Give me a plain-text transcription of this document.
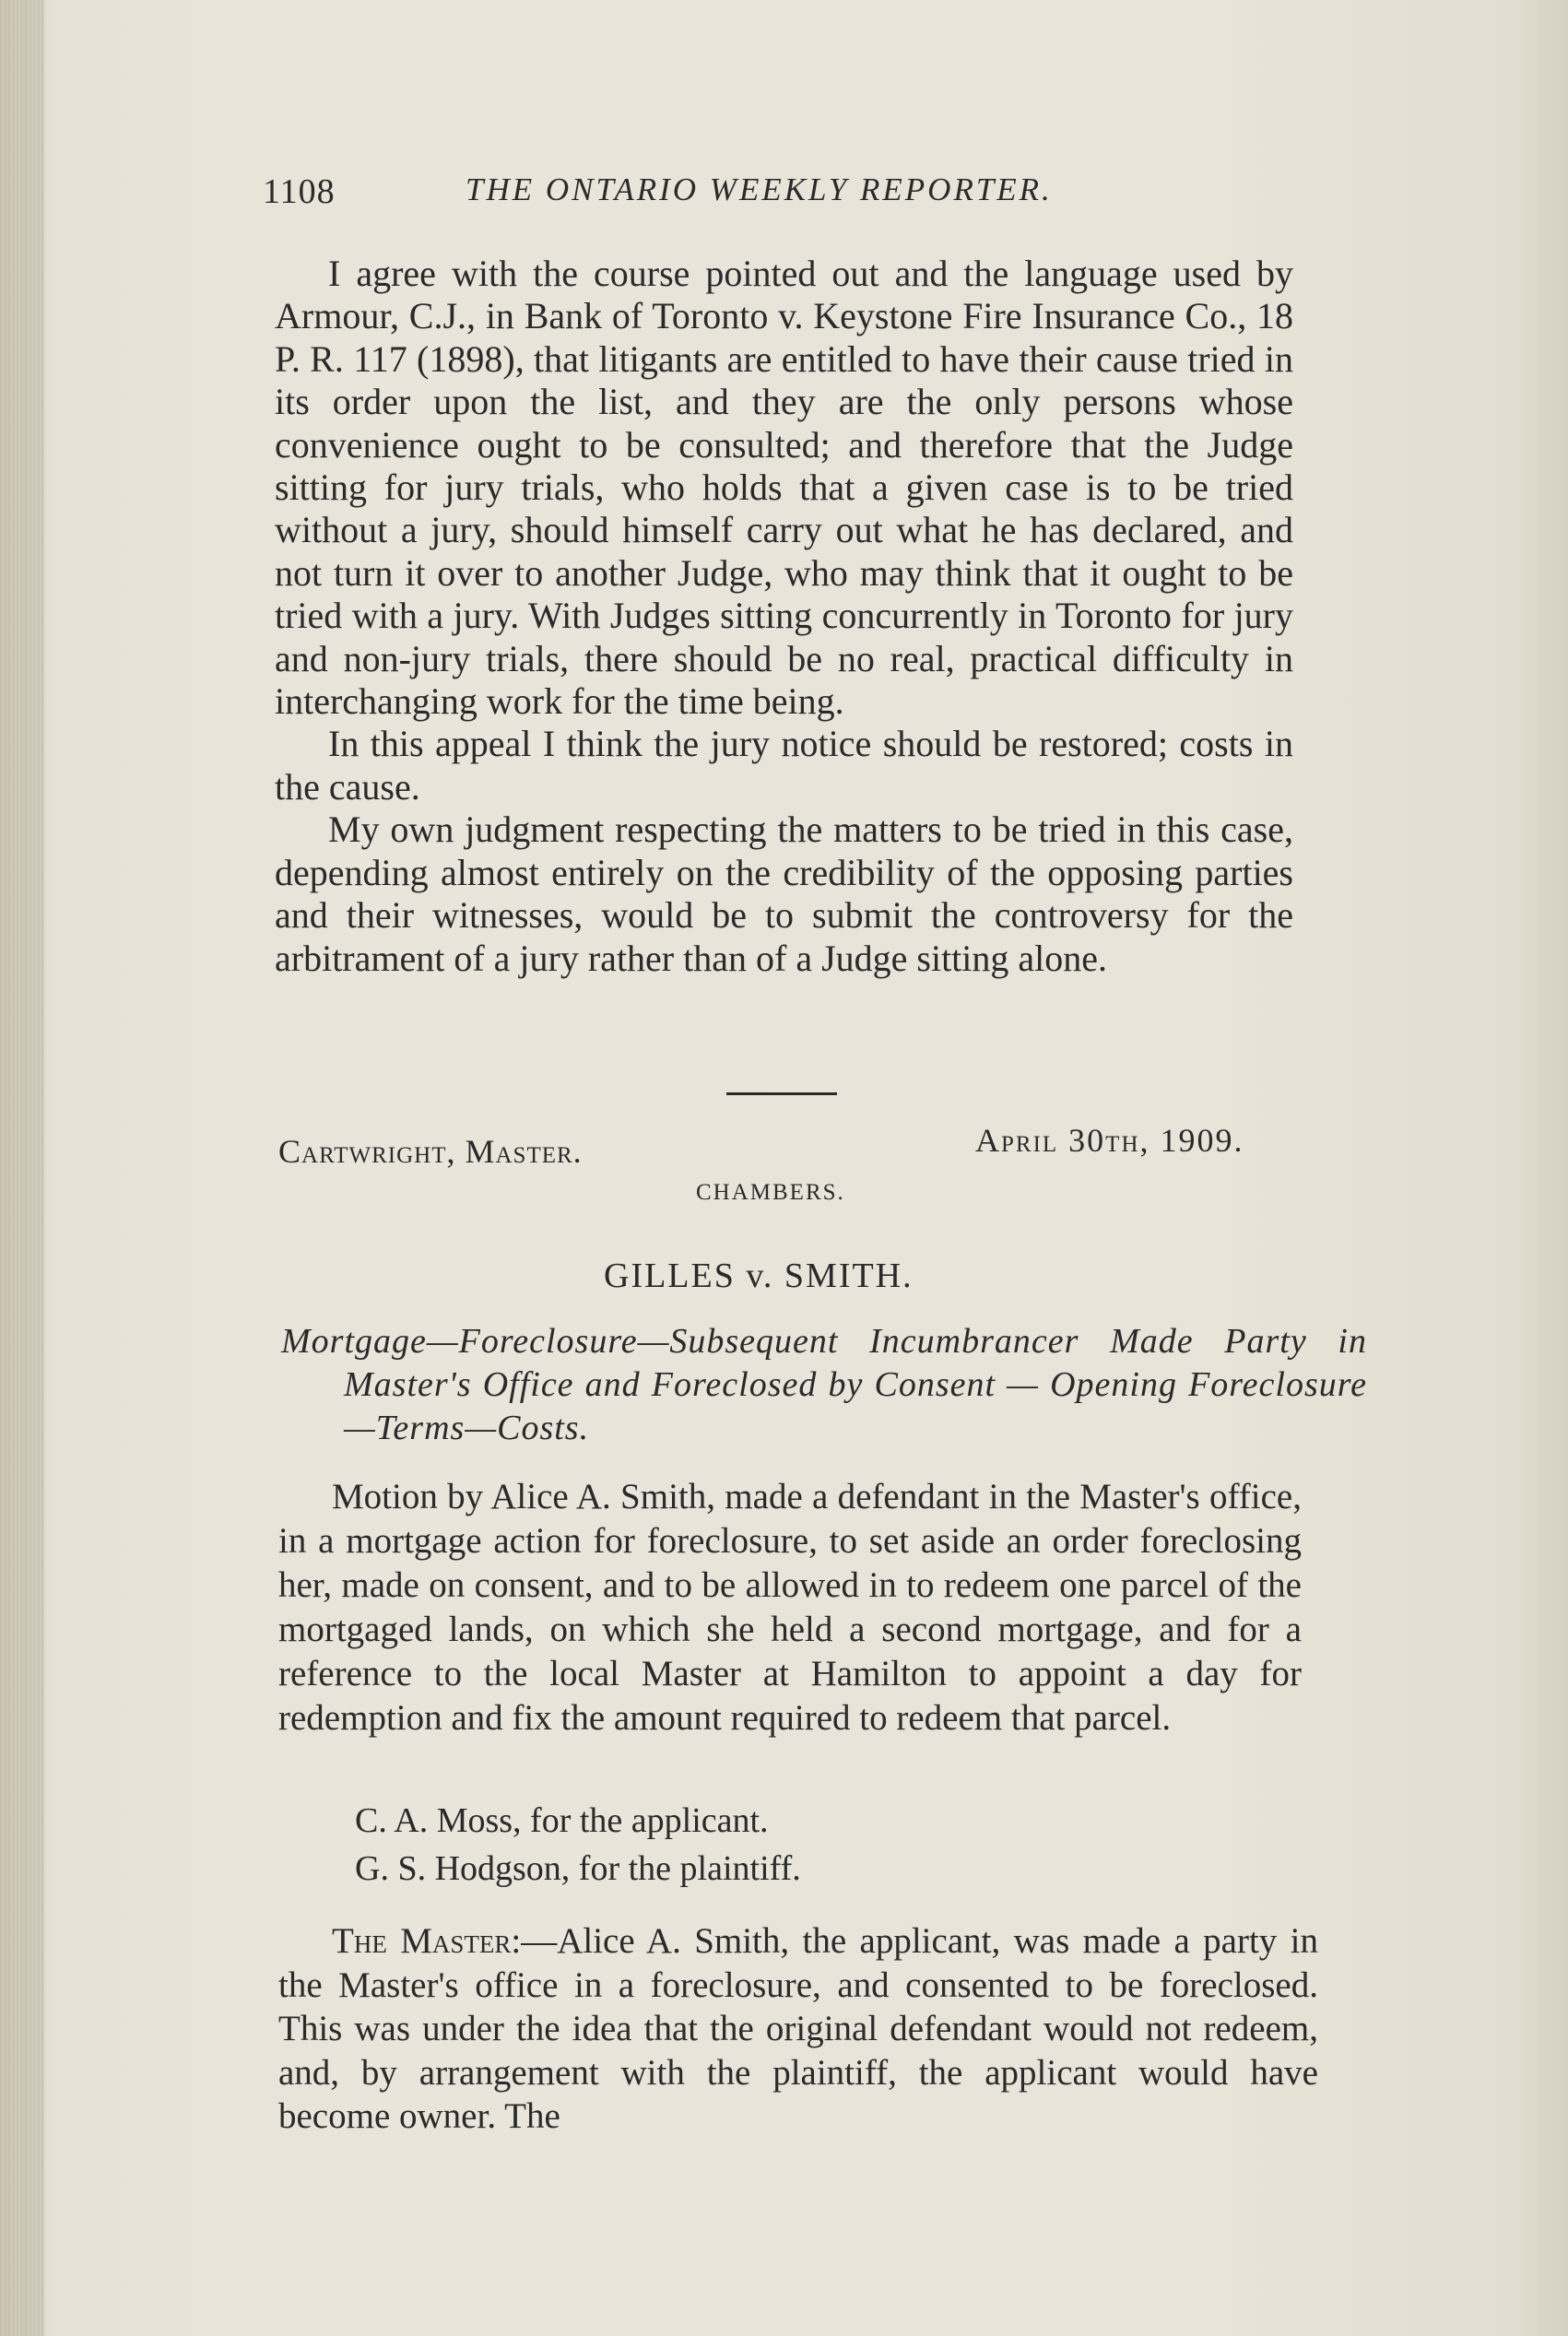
1108	THE ONTARIO WEEKLY REPORTER.

I agree with the course pointed out and the language used by Armour, C.J., in Bank of Toronto v. Keystone Fire Insurance Co., 18 P. R. 117 (1898), that litigants are entitled to have their cause tried in its order upon the list, and they are the only persons whose convenience ought to be consulted; and therefore that the Judge sitting for jury trials, who holds that a given case is to be tried without a jury, should himself carry out what he has declared, and not turn it over to another Judge, who may think that it ought to be tried with a jury. With Judges sitting concurrently in Toronto for jury and non-jury trials, there should be no real, practical difficulty in interchanging work for the time being.

In this appeal I think the jury notice should be restored; costs in the cause.

My own judgment respecting the matters to be tried in this case, depending almost entirely on the credibility of the opposing parties and their witnesses, would be to submit the controversy for the arbitrament of a jury rather than of a Judge sitting alone.

Cartwright, Master.	April 30th, 1909.
CHAMBERS.
GILLES v. SMITH.
Mortgage—Foreclosure—Subsequent Incumbrancer Made Party in Master's Office and Foreclosed by Consent — Opening Foreclosure—Terms—Costs.

Motion by Alice A. Smith, made a defendant in the Master's office, in a mortgage action for foreclosure, to set aside an order foreclosing her, made on consent, and to be allowed in to redeem one parcel of the mortgaged lands, on which she held a second mortgage, and for a reference to the local Master at Hamilton to appoint a day for redemption and fix the amount required to redeem that parcel.

C. A. Moss, for the applicant.
G. S. Hodgson, for the plaintiff.

The Master:—Alice A. Smith, the applicant, was made a party in the Master's office in a foreclosure, and consented to be foreclosed. This was under the idea that the original defendant would not redeem, and, by arrangement with the plaintiff, the applicant would have become owner. The
